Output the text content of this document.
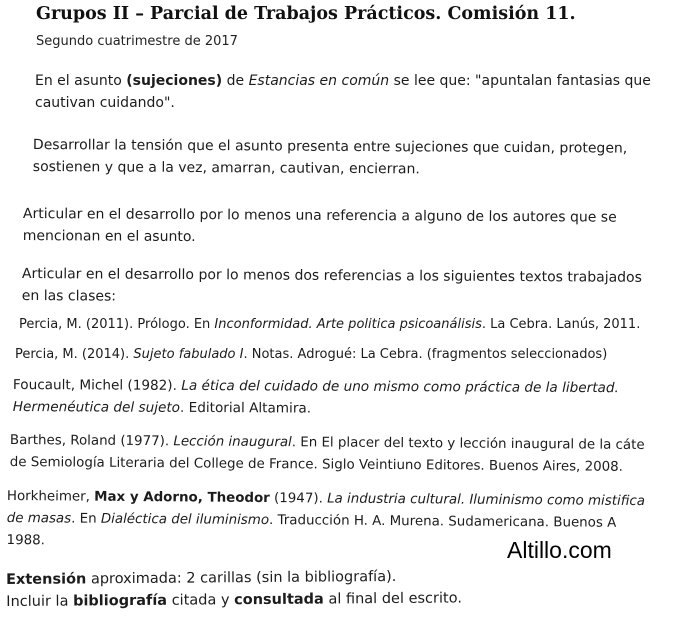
Grupos II – Parcial de Trabajos Prácticos. Comisión 11.
Segundo cuatrimestre de 2017
En el asunto (sujeciones) de Estancias en común se lee que: "apuntalan fantasias que
cautivan cuidando".
Desarrollar la tensión que el asunto presenta entre sujeciones que cuidan, protegen,
sostienen y que a la vez, amarran, cautivan, encierran.
Articular en el desarrollo por lo menos una referencia a alguno de los autores que se
mencionan en el asunto.
Articular en el desarrollo por lo menos dos referencias a los siguientes textos trabajados
en las clases:
Percia, M. (2011). Prólogo. En Inconformidad. Arte politica psicoanálisis. La Cebra. Lanús, 2011.
Percia, M. (2014). Sujeto fabulado I. Notas. Adrogué: La Cebra. (fragmentos seleccionados)
Foucault, Michel (1982). La ética del cuidado de uno mismo como práctica de la libertad.
Hermenéutica del sujeto. Editorial Altamira.
Barthes, Roland (1977). Lección inaugural. En El placer del texto y lección inaugural de la cáte
de Semiología Literaria del College de France. Siglo Veintiuno Editores. Buenos Aires, 2008.
Horkheimer, Max y Adorno, Theodor (1947). La industria cultural. Iluminismo como mistifica
de masas. En Dialéctica del iluminismo. Traducción H. A. Murena. Sudamericana. Buenos A
1988.	Altillo.com
Extensión aproximada: 2 carillas (sin la bibliografía).
Incluir la bibliografía citada y consultada al final del escrito.
